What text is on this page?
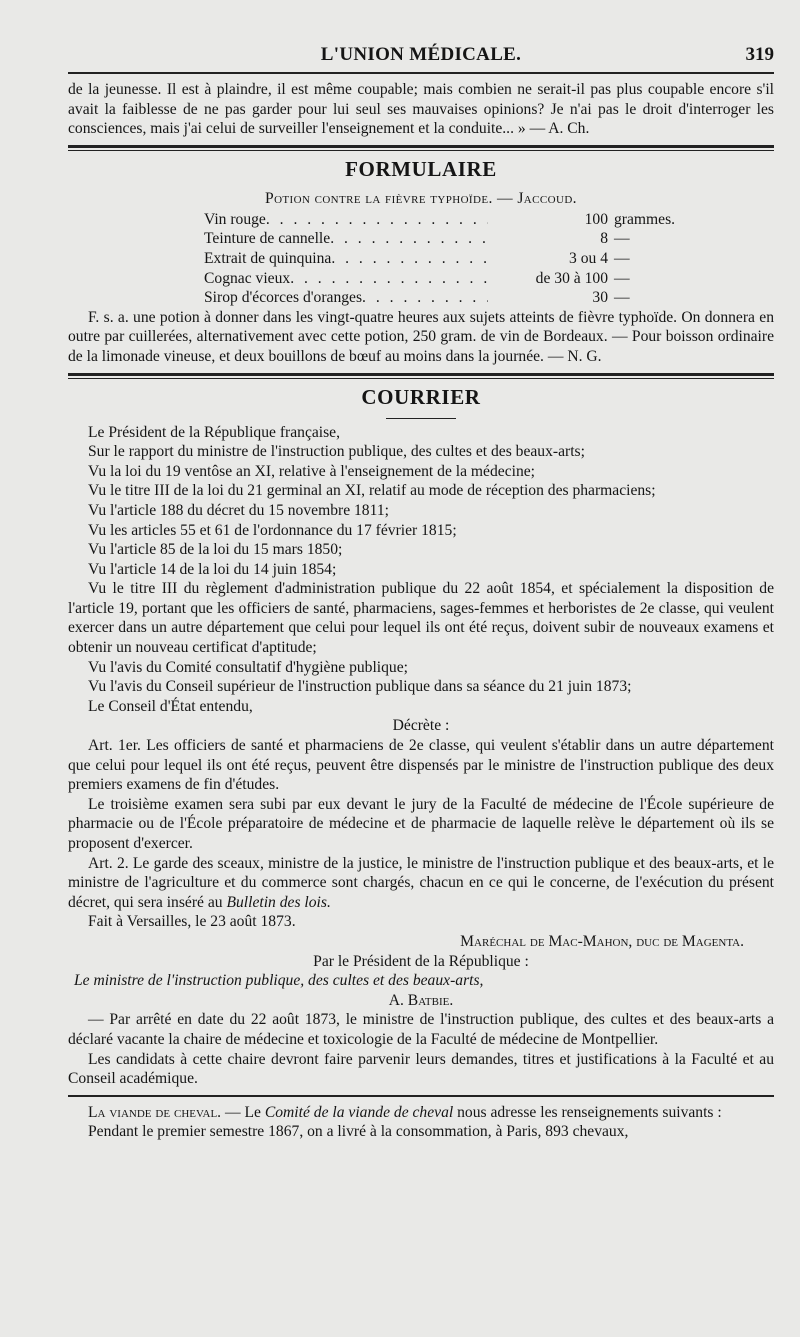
L'UNION MÉDICALE.	319

de la jeunesse. Il est à plaindre, il est même coupable; mais combien ne serait-il pas plus coupable encore s'il avait la faiblesse de ne pas garder pour lui seul ses mauvaises opinions? Je n'ai pas le droit d'interroger les consciences, mais j'ai celui de surveiller l'enseignement et la conduite... » — A. Ch.

FORMULAIRE
Potion contre la fièvre typhoïde. — Jaccoud.
Vin rouge . . .	100 grammes.
Teinture de cannelle . . .	8 —
Extrait de quinquina . . .	3 ou 4 —
Cognac vieux . . .	de 30 à 100 —
Sirop d'écorces d'oranges . . .	30 —

F. s. a. une potion à donner dans les vingt-quatre heures aux sujets atteints de fièvre typhoïde. On donnera en outre par cuillerées, alternativement avec cette potion, 250 gram. de vin de Bordeaux. — Pour boisson ordinaire de la limonade vineuse, et deux bouillons de bœuf au moins dans la journée. — N. G.

COURRIER

Le Président de la République française,

Sur le rapport du ministre de l'instruction publique, des cultes et des beaux-arts;

Vu la loi du 19 ventôse an XI, relative à l'enseignement de la médecine;

Vu le titre III de la loi du 21 germinal an XI, relatif au mode de réception des pharmaciens;

Vu l'article 188 du décret du 15 novembre 1811;

Vu les articles 55 et 61 de l'ordonnance du 17 février 1815;

Vu l'article 85 de la loi du 15 mars 1850;

Vu l'article 14 de la loi du 14 juin 1854;

Vu le titre III du règlement d'administration publique du 22 août 1854, et spécialement la disposition de l'article 19, portant que les officiers de santé, pharmaciens, sages-femmes et herboristes de 2e classe, qui veulent exercer dans un autre département que celui pour lequel ils ont été reçus, doivent subir de nouveaux examens et obtenir un nouveau certificat d'aptitude;

Vu l'avis du Comité consultatif d'hygiène publique;

Vu l'avis du Conseil supérieur de l'instruction publique dans sa séance du 21 juin 1873;

Le Conseil d'État entendu,

Décrète :

Art. 1er. Les officiers de santé et pharmaciens de 2e classe, qui veulent s'établir dans un autre département que celui pour lequel ils ont été reçus, peuvent être dispensés par le ministre de l'instruction publique des deux premiers examens de fin d'études.

Le troisième examen sera subi par eux devant le jury de la Faculté de médecine de l'École supérieure de pharmacie ou de l'École préparatoire de médecine et de pharmacie de laquelle relève le département où ils se proposent d'exercer.

Art. 2. Le garde des sceaux, ministre de la justice, le ministre de l'instruction publique et des beaux-arts, et le ministre de l'agriculture et du commerce sont chargés, chacun en ce qui le concerne, de l'exécution du présent décret, qui sera inséré au Bulletin des lois.

Fait à Versailles, le 23 août 1873.

Maréchal de Mac-Mahon, duc de Magenta.

Par le Président de la République :

Le ministre de l'instruction publique, des cultes et des beaux-arts,

A. Batbie.

— Par arrêté en date du 22 août 1873, le ministre de l'instruction publique, des cultes et des beaux-arts a déclaré vacante la chaire de médecine et toxicologie de la Faculté de médecine de Montpellier.

Les candidats à cette chaire devront faire parvenir leurs demandes, titres et justifications à la Faculté et au Conseil académique.

La viande de cheval. — Le Comité de la viande de cheval nous adresse les renseignements suivants :

Pendant le premier semestre 1867, on a livré à la consommation, à Paris, 893 chevaux,
